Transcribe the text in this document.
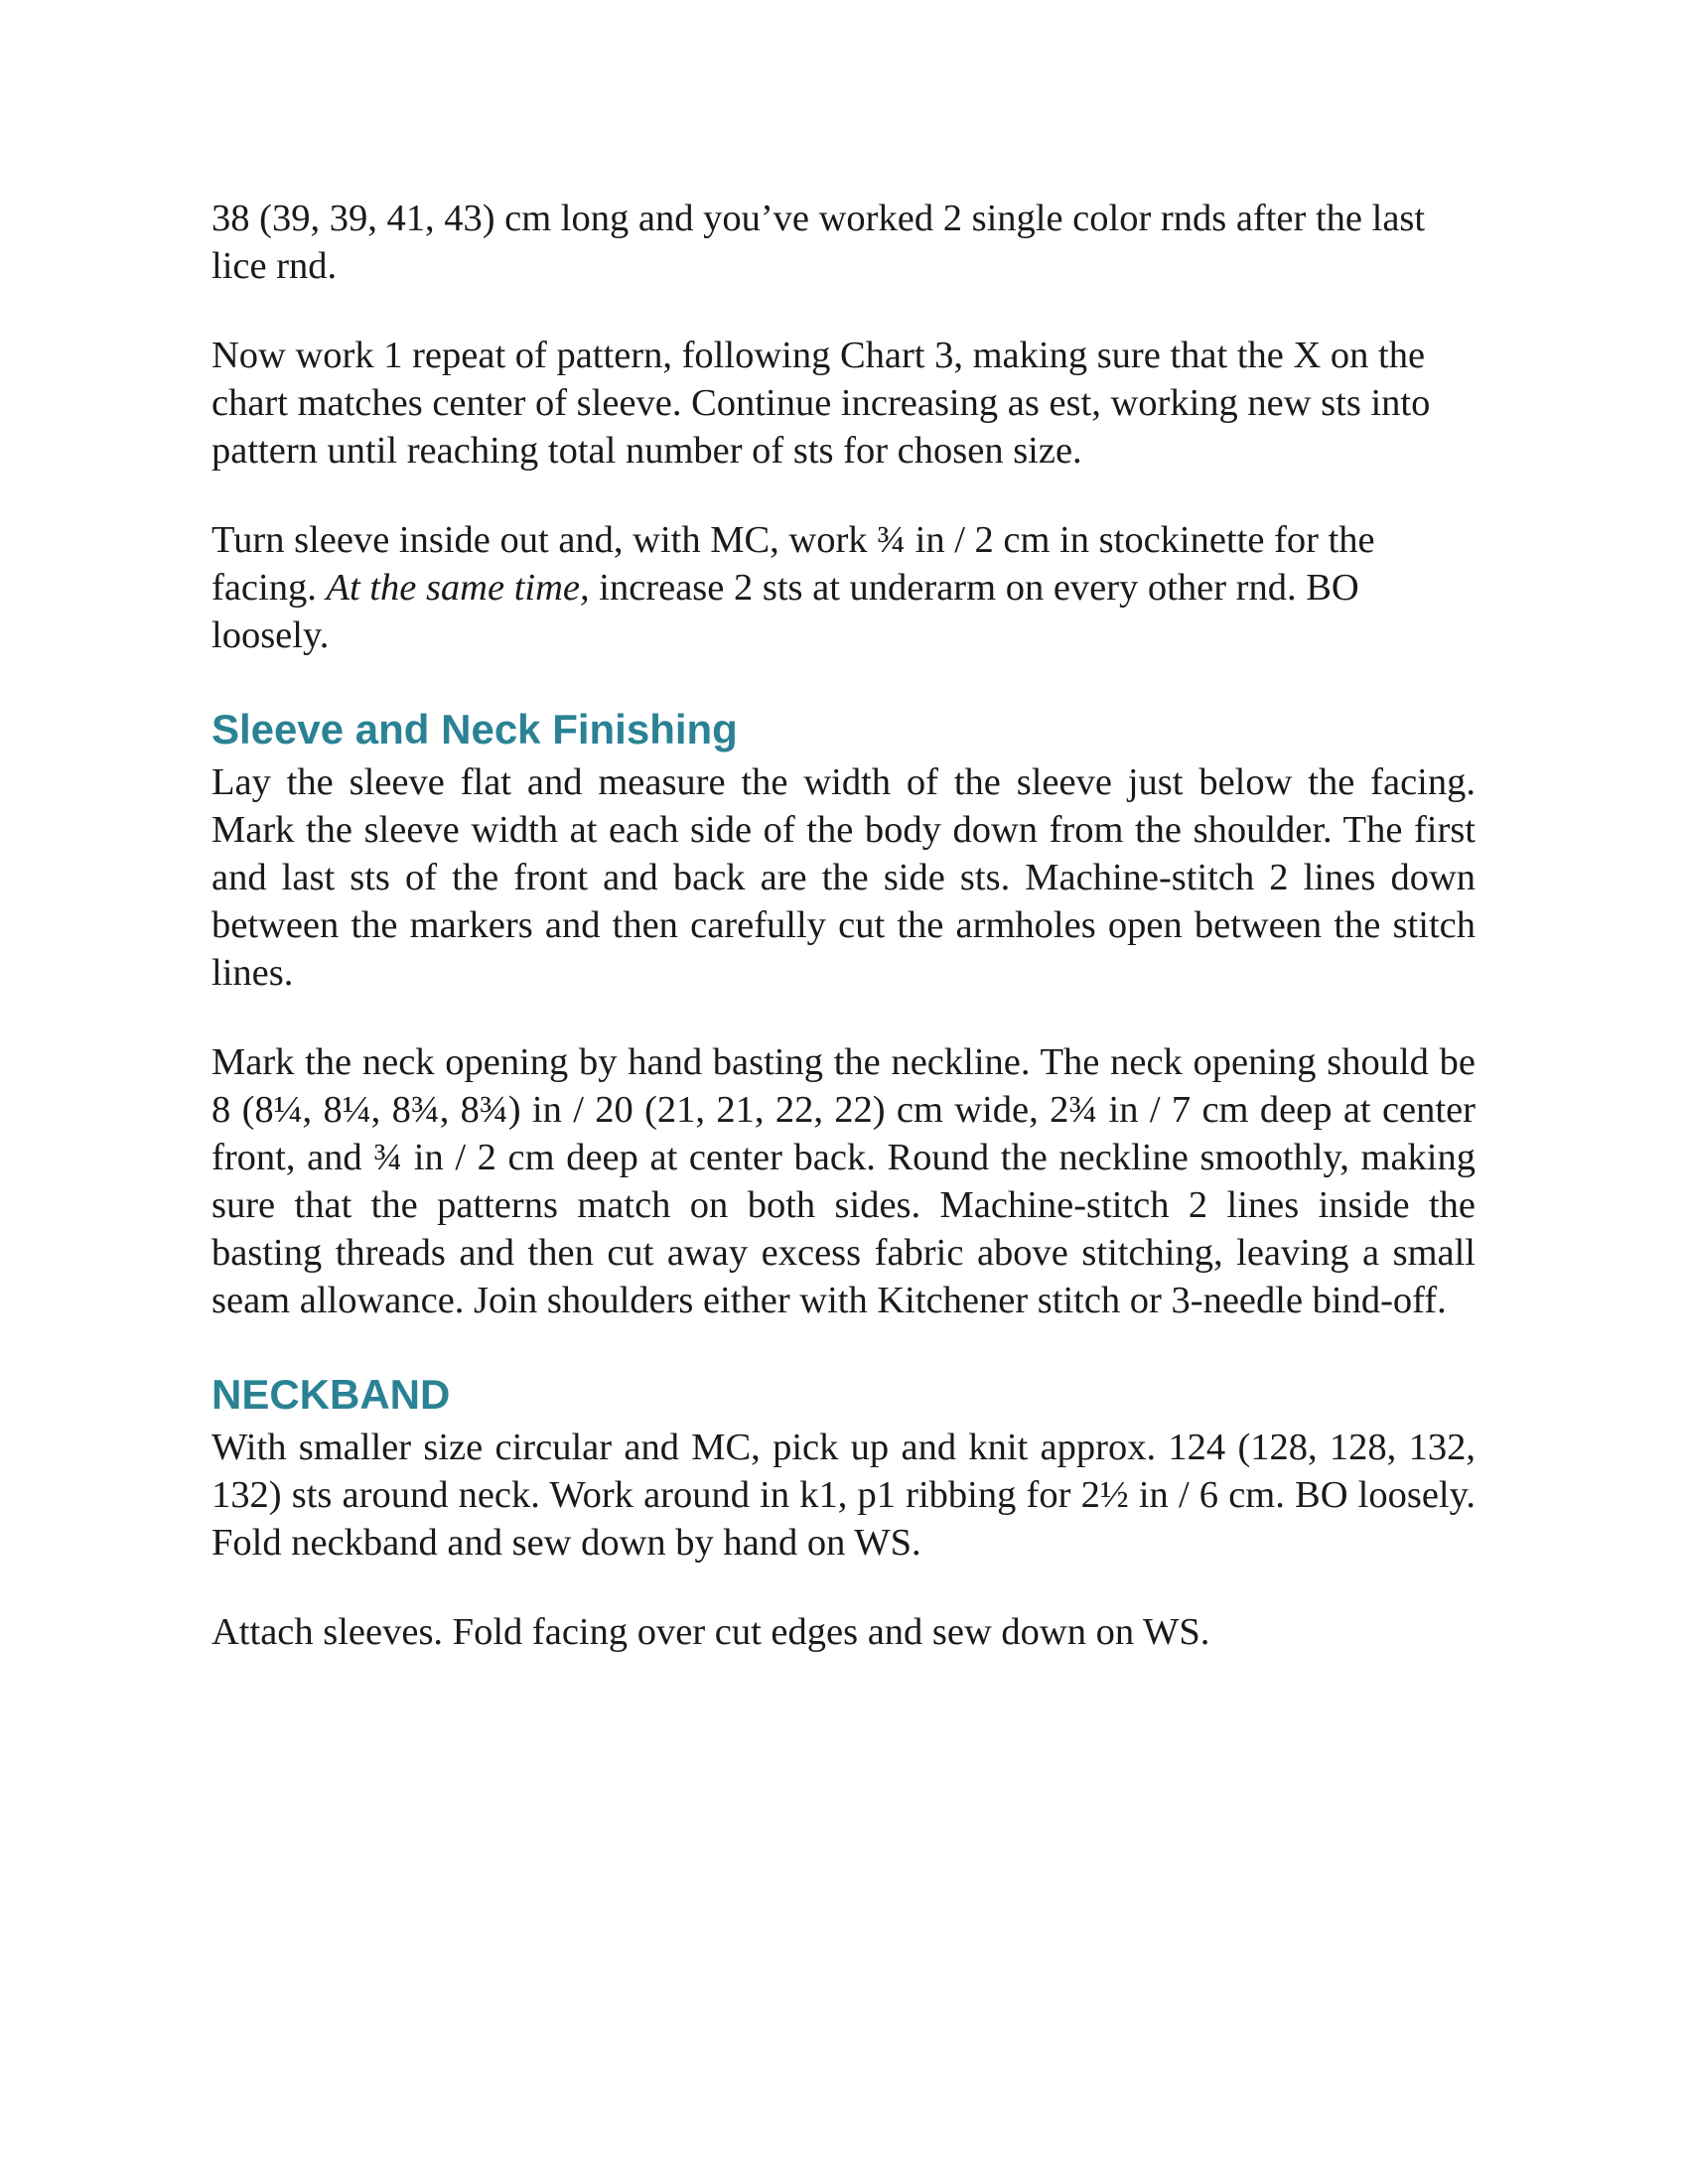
38 (39, 39, 41, 43) cm long and you’ve worked 2 single color rnds after the last lice rnd.

Now work 1 repeat of pattern, following Chart 3, making sure that the X on the chart matches center of sleeve. Continue increasing as est, working new sts into pattern until reaching total number of sts for chosen size.

Turn sleeve inside out and, with MC, work ¾ in / 2 cm in stockinette for the facing. At the same time, increase 2 sts at underarm on every other rnd. BO loosely.

Sleeve and Neck Finishing

Lay the sleeve flat and measure the width of the sleeve just below the facing. Mark the sleeve width at each side of the body down from the shoulder. The first and last sts of the front and back are the side sts. Machine-stitch 2 lines down between the markers and then carefully cut the armholes open between the stitch lines.

Mark the neck opening by hand basting the neckline. The neck opening should be 8 (8¼, 8¼, 8¾, 8¾) in / 20 (21, 21, 22, 22) cm wide, 2¾ in / 7 cm deep at center front, and ¾ in / 2 cm deep at center back. Round the neckline smoothly, making sure that the patterns match on both sides. Machine-stitch 2 lines inside the basting threads and then cut away excess fabric above stitching, leaving a small seam allowance. Join shoulders either with Kitchener stitch or 3-needle bind-off.

NECKBAND

With smaller size circular and MC, pick up and knit approx. 124 (128, 128, 132, 132) sts around neck. Work around in k1, p1 ribbing for 2½ in / 6 cm. BO loosely. Fold neckband and sew down by hand on WS.

Attach sleeves. Fold facing over cut edges and sew down on WS.
